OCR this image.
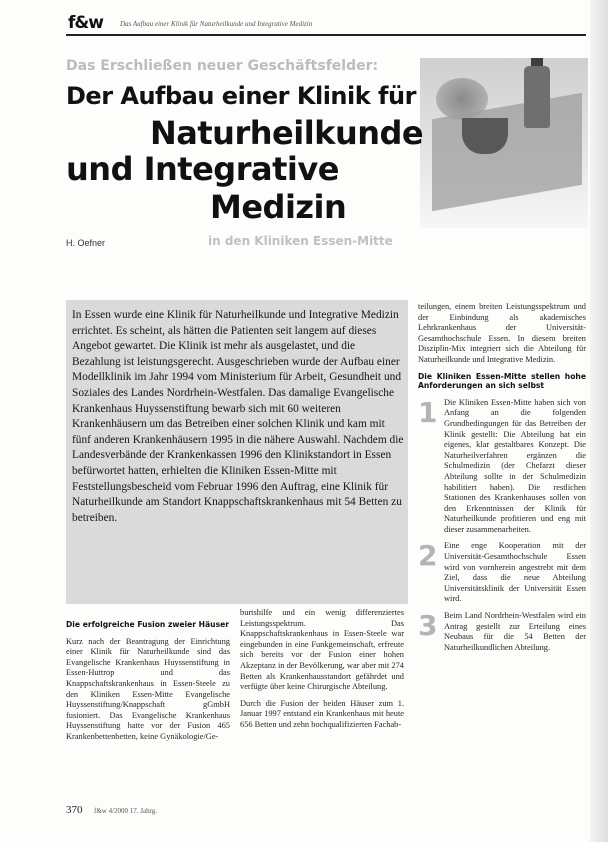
f&w Das Aufbau einer Klinik für Naturheilkunde und Integrative Medizin
Das Erschließen neuer Geschäftsfelder:
Der Aufbau einer Klinik für
Naturheilkunde
und Integrative
Medizin
H. Oefner	in den Kliniken Essen-Mitte

In Essen wurde eine Klinik für Naturheilkunde und Integrative Medizin errichtet. Es scheint, als hätten die Patienten seit langem auf dieses Angebot gewartet. Die Klinik ist mehr als ausgelastet, und die Bezahlung ist leistungsgerecht. Ausgeschrieben wurde der Aufbau einer Modellklinik im Jahr 1994 vom Ministerium für Arbeit, Gesundheit und Soziales des Landes Nordrhein-Westfalen. Das damalige Evangelische Krankenhaus Huyssenstiftung bewarb sich mit 60 weiteren Krankenhäusern um das Betreiben einer solchen Klinik und kam mit fünf anderen Krankenhäusern 1995 in die nähere Auswahl. Nachdem die Landesverbände der Krankenkassen 1996 den Klinikstandort in Essen befürwortet hatten, erhielten die Kliniken Essen-Mitte mit Feststellungsbescheid vom Februar 1996 den Auftrag, eine Klinik für Naturheilkunde am Standort Knappschaftskrankenhaus mit 54 Betten zu betreiben.

Die erfolgreiche Fusion zweier Häuser

Kurz nach der Beantragung der Einrichtung einer Klinik für Naturheilkunde sind das Evangelische Krankenhaus Huyssenstiftung in Essen-Huttrop und das Knappschaftskrankenhaus in Essen-Steele zu den Kliniken Essen-Mitte Evangelische Huyssenstiftung/Knappschaft gGmbH fusioniert. Das Evangelische Krankenhaus Huyssenstiftung hatte vor der Fusion 465 Krankenbettenbetten, keine Gynäkologie/Ge-

burtshilfe und ein wenig differenziertes Leistungsspektrum. Das Knappschaftskrankenhaus in Essen-Steele war eingebunden in eine Funkgemeinschaft, erfreute sich bereits vor der Fusion einer hohen Akzeptanz in der Bevölkerung, war aber mit 274 Betten als Krankenhausstandort gefährdet und verfügte über keine Chirurgische Abteilung.

Durch die Fusion der beiden Häuser zum 1. Januar 1997 entstand ein Krankenhaus mit heute 656 Betten und zehn hochqualifizierten Fachab-

teilungen, einem breiten Leistungsspektrum und der Einbindung als akademisches Lehrkrankenhaus der Universität-Gesamthochschule Essen. In diesem breiten Disziplin-Mix integriert sich die Abteilung für Naturheilkunde und Integrative Medizin.

Die Kliniken Essen-Mitte stellen hohe Anforderungen an sich selbst
1 Die Kliniken Essen-Mitte haben sich von Anfang an die folgenden Grundbedingungen für das Betreiben der Klinik gestellt: Die Abteilung hat ein eigenes, klar gestaltbares Konzept. Die Naturheilverfahren ergänzen die Schulmedizin (der Chefarzt dieser Abteilung sollte in der Schulmedizin habilitiert haben). Die restlichen Stationen des Krankenhauses sollen von den Erkenntnissen der Klinik für Naturheilkunde profitieren und eng mit dieser zusammenarbeiten.

2 Eine enge Kooperation mit der Universität-Gesamthochschule Essen wird von vornherein angestrebt mit dem Ziel, dass die neue Abteilung Universitätsklinik der Universität Essen wird.

3 Beim Land Nordrhein-Westfalen wird ein Antrag gestellt zur Erteilung eines Neubaus für die 54 Betten der Naturheilkundlichen Abteilung.

370 f&w 4/2000 17. Jahrg.
